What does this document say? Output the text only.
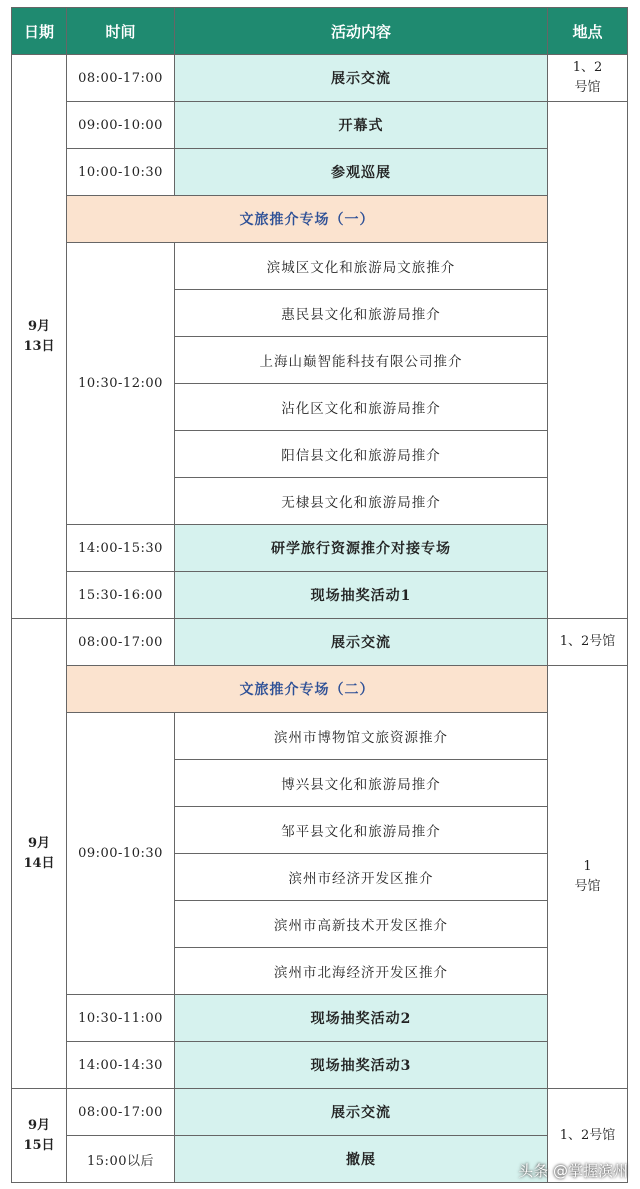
日期	时间	活动内容	地点

9月
13日	08:00-17:00	展示交流	1、2
号馆

	09:00-10:00	开幕式	
	10:00-10:30	参观巡展	
	文旅推介专场（一）		
	10:30-12:00	滨城区文化和旅游局文旅推介	
		惠民县文化和旅游局推介	
		上海山巅智能科技有限公司推介	
		沾化区文化和旅游局推介	
		阳信县文化和旅游局推介	
		无棣县文化和旅游局推介	
	14:00-15:30	研学旅行资源推介对接专场	
	15:30-16:00	现场抽奖活动1	

9月
14日	08:00-17:00	展示交流	1、2号馆
	文旅推介专场（二）		1
号馆

	09:00-10:30	滨州市博物馆文旅资源推介	
		博兴县文化和旅游局推介	
		邹平县文化和旅游局推介	
		滨州市经济开发区推介	
		滨州市高新技术开发区推介	
		滨州市北海经济开发区推介	
	10:30-11:00	现场抽奖活动2	
	14:00-14:30	现场抽奖活动3	

9月
15日	08:00-17:00	展示交流	1、2号馆
	15:00以后	撤展	
头条 @掌握滨州
